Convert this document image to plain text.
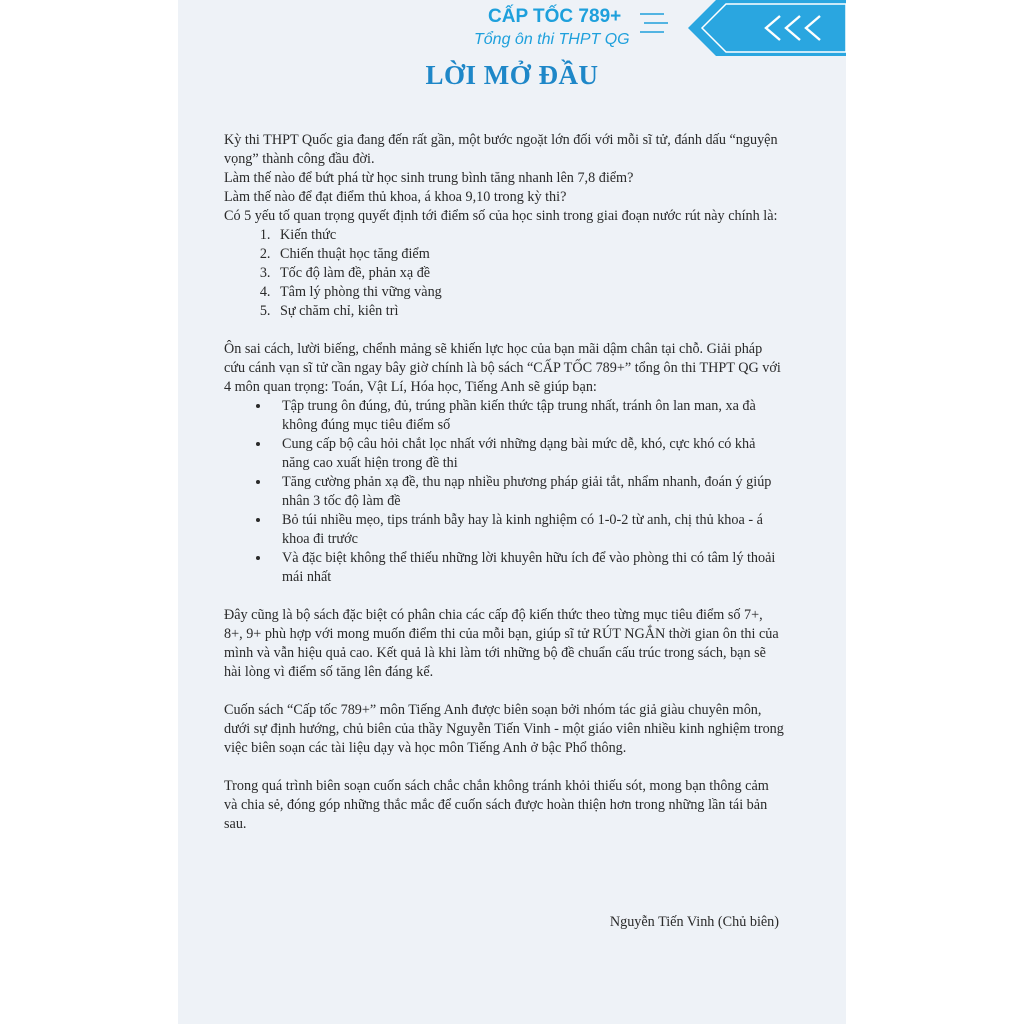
CẤP TỐC 789+
Tổng ôn thi THPT QG
LỜI MỞ ĐẦU

Kỳ thi THPT Quốc gia đang đến rất gần, một bước ngoặt lớn đối với mỗi sĩ tử, đánh dấu “nguyện vọng” thành công đầu đời.

Làm thế nào để bứt phá từ học sinh trung bình tăng nhanh lên 7,8 điểm?

Làm thế nào để đạt điểm thủ khoa, á khoa 9,10 trong kỳ thi?

Có 5 yếu tố quan trọng quyết định tới điểm số của học sinh trong giai đoạn nước rút này chính là:

1. Kiến thức
2. Chiến thuật học tăng điểm
3. Tốc độ làm đề, phản xạ đề
4. Tâm lý phòng thi vững vàng
5. Sự chăm chỉ, kiên trì

Ôn sai cách, lười biếng, chểnh mảng sẽ khiến lực học của bạn mãi dậm chân tại chỗ. Giải pháp cứu cánh vạn sĩ tử cần ngay bây giờ chính là bộ sách “CẤP TỐC 789+” tổng ôn thi THPT QG với 4 môn quan trọng: Toán, Vật Lí, Hóa học, Tiếng Anh sẽ giúp bạn:

• Tập trung ôn đúng, đủ, trúng phần kiến thức tập trung nhất, tránh ôn lan man, xa đà không đúng mục tiêu điểm số
• Cung cấp bộ câu hỏi chắt lọc nhất với những dạng bài mức dễ, khó, cực khó có khả năng cao xuất hiện trong đề thi
• Tăng cường phản xạ đề, thu nạp nhiều phương pháp giải tắt, nhẩm nhanh, đoán ý giúp nhân 3 tốc độ làm đề
• Bỏ túi nhiều mẹo, tips tránh bẫy hay là kinh nghiệm có 1-0-2 từ anh, chị thủ khoa - á khoa đi trước
• Và đặc biệt không thể thiếu những lời khuyên hữu ích để vào phòng thi có tâm lý thoải mái nhất

Đây cũng là bộ sách đặc biệt có phân chia các cấp độ kiến thức theo từng mục tiêu điểm số 7+, 8+, 9+ phù hợp với mong muốn điểm thi của mỗi bạn, giúp sĩ tử RÚT NGẮN thời gian ôn thi của mình và vẫn hiệu quả cao. Kết quả là khi làm tới những bộ đề chuẩn cấu trúc trong sách, bạn sẽ hài lòng vì điểm số tăng lên đáng kể.

Cuốn sách “Cấp tốc 789+” môn Tiếng Anh được biên soạn bởi nhóm tác giả giàu chuyên môn, dưới sự định hướng, chủ biên của thầy Nguyễn Tiến Vinh - một giáo viên nhiều kinh nghiệm trong việc biên soạn các tài liệu dạy và học môn Tiếng Anh ở bậc Phổ thông.

Trong quá trình biên soạn cuốn sách chắc chắn không tránh khỏi thiếu sót, mong bạn thông cảm và chia sẻ, đóng góp những thắc mắc để cuốn sách được hoàn thiện hơn trong những lần tái bản sau.

Nguyễn Tiến Vinh (Chủ biên)
